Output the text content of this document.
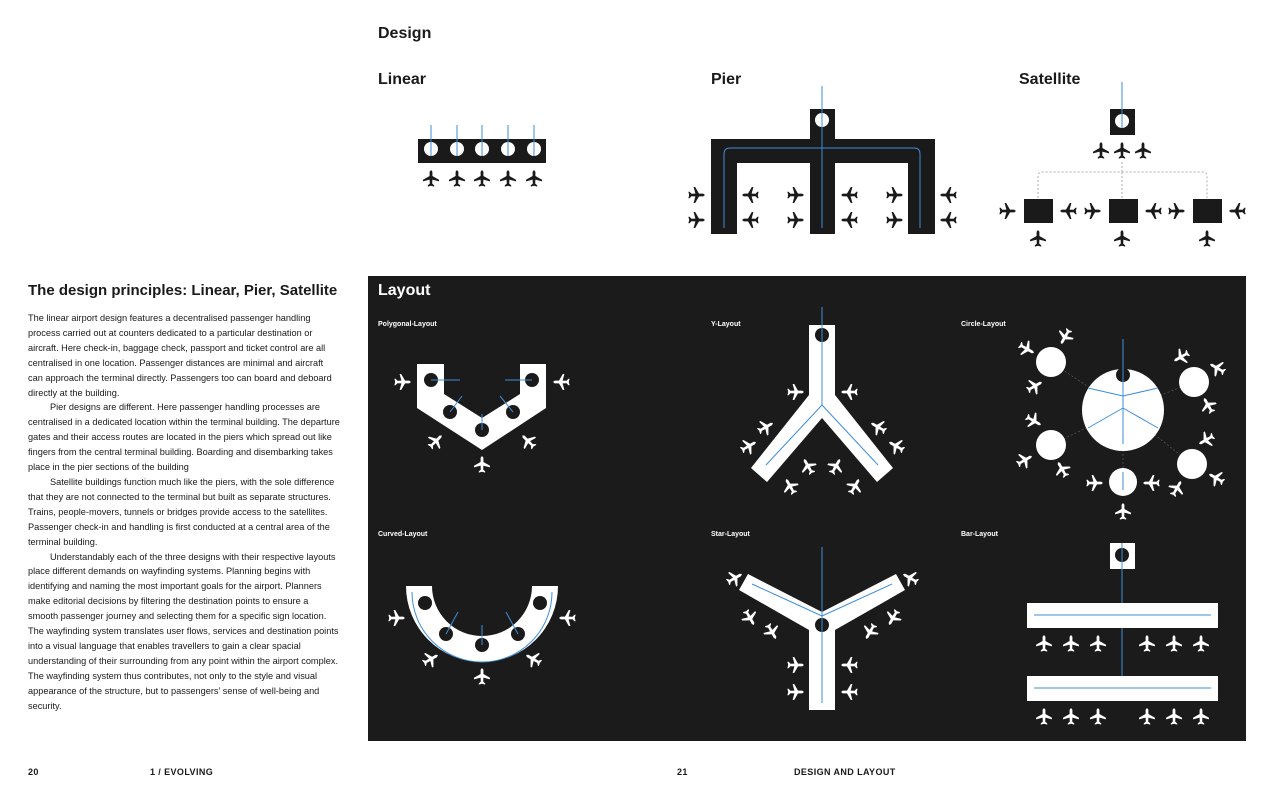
Design
Linear	Pier	Satellite
The design principles: Linear, Pier, Satellite

The linear airport design features a decentralised passenger handling process carried out at counters dedicated to a particular destination or aircraft. Here check-in, baggage check, passport and ticket control are all centralised in one location. Passenger distances are minimal and aircraft can approach the terminal directly. Passengers too can board and deboard directly at the building.

Pier designs are different. Here passenger handling processes are centralised in a dedicated location within the terminal building. The departure gates and their access routes are located in the piers which spread out like fingers from the central terminal building. Boarding and disembarking takes place in the pier sections of the building

Satellite buildings function much like the piers, with the sole difference that they are not connected to the terminal but built as separate structures. Trains, people-movers, tunnels or bridges provide access to the satellites. Passenger check-in and handling is first conducted at a central area of the terminal building.

Understandably each of the three designs with their respective layouts place different demands on wayfinding systems. Planning begins with identifying and naming the most important goals for the airport. Planners make editorial decisions by filtering the destination points to ensure a smooth passenger journey and selecting them for a specific sign location. The wayfinding system translates user flows, services and destination points into a visual language that enables travellers to gain a clear spacial understanding of their surrounding from any point within the airport complex. The wayfinding system thus contributes, not only to the style and visual appearance of the structure, but to passengers’ sense of well-being and security.

Layout
Polygonal-Layout	Y-Layout	Circle-Layout
Curved-Layout	Star-Layout	Bar-Layout
20	1 / EVOLVING	21	DESIGN AND LAYOUT
